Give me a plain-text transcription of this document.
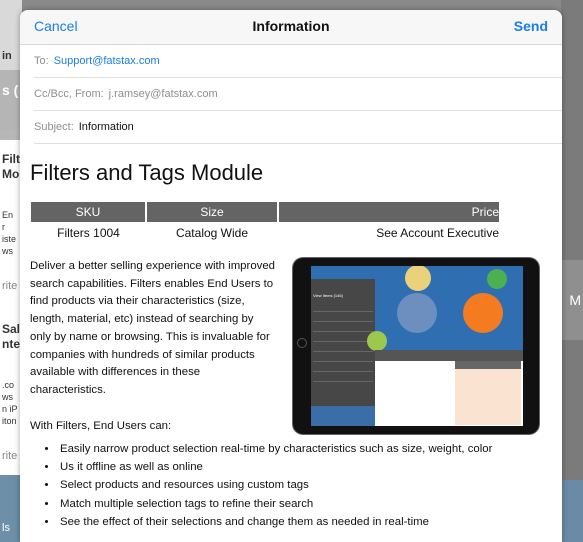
in
s (
Filt
Mo
En
r
iste
ws
rite
Sal
nte
.co
ws
n iP
iton
rite
ls
M
Cancel	Information	Send
To: Support@fatstax.com
Cc/Bcc, From: j.ramsey@fatstax.com
Subject: Information
Filters and Tags Module
SKU	Size	Price
Filters 1004	Catalog Wide	See Account Executive
Deliver a better selling experience with improved search capabilities. Filters enables End Users to find products via their characteristics (size, length, material, etc) instead of searching by only by name or browsing. This is invaluable for companies with hundreds of similar products available with differences in these characteristics.
View Items (146)
With Filters, End Users can:
• Easily narrow product selection real-time by characteristics such as size, weight, color
• Us it offline as well as online
• Select products and resources using custom tags
• Match multiple selection tags to refine their search
• See the effect of their selections and change them as needed in real-time
